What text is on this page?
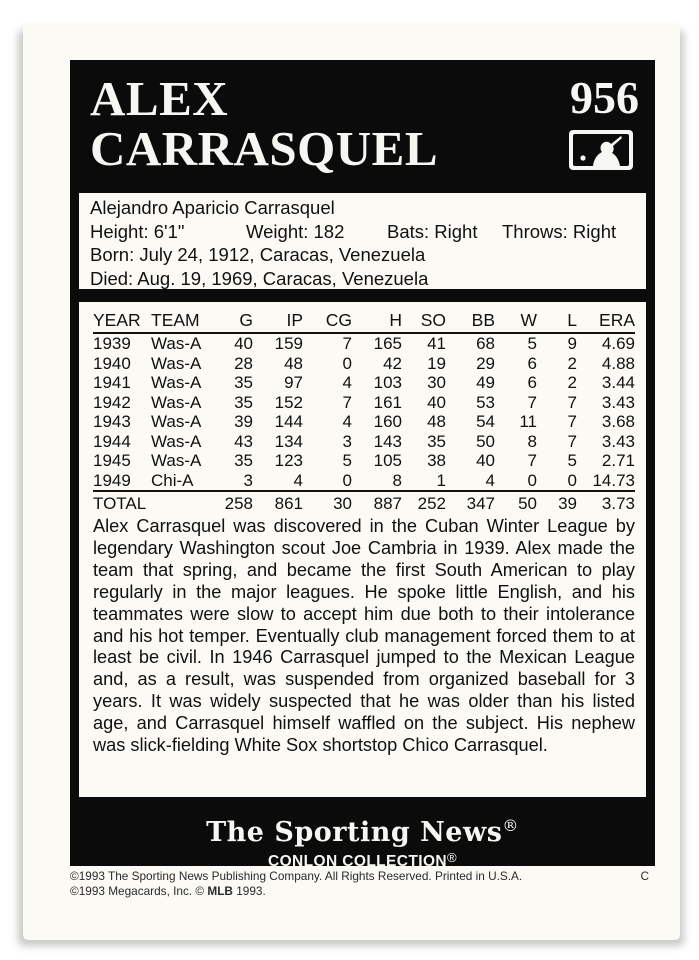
ALEX
CARRASQUEL
956
Alejandro Aparicio Carrasquel
Height: 6'1"	Weight: 182 Bats: Right Throws: Right
Born: July 24, 1912, Caracas, Venezuela
Died: Aug. 19, 1969, Caracas, Venezuela
YEAR	TEAM	G	IP	CG	H	SO	BB	W	L	ERA
1939	Was-A	40	159	7	165	41	68	5	9	4.69
1940	Was-A	28	48	0	42	19	29	6	2	4.88
1941	Was-A	35	97	4	103	30	49	6	2	3.44
1942	Was-A	35	152	7	161	40	53	7	7	3.43
1943	Was-A	39	144	4	160	48	54	11	7	3.68
1944	Was-A	43	134	3	143	35	50	8	7	3.43
1945	Was-A	35	123	5	105	38	40	7	5	2.71
1949	Chi-A	3	4	0	8	1	4	0	0	14.73
TOTAL		258	861	30	887	252	347	50	39	3.73
Alex Carrasquel was discovered in the Cuban Winter League by legendary Washington scout Joe Cambria in 1939. Alex made the team that spring, and became the first South American to play regularly in the major leagues. He spoke little English, and his teammates were slow to accept him due both to their intolerance and his hot temper. Eventually club management forced them to at least be civil. In 1946 Carrasquel jumped to the Mexican League and, as a result, was suspended from organized baseball for 3 years. It was widely suspected that he was older than his listed age, and Carrasquel himself waffled on the subject. His nephew was slick-fielding White Sox shortstop Chico Carrasquel.
The Sporting News®
CONLON COLLECTION®
©1993 The Sporting News Publishing Company. All Rights Reserved. Printed in U.S.A.
©1993 Megacards, Inc. © MLB 1993.
C
